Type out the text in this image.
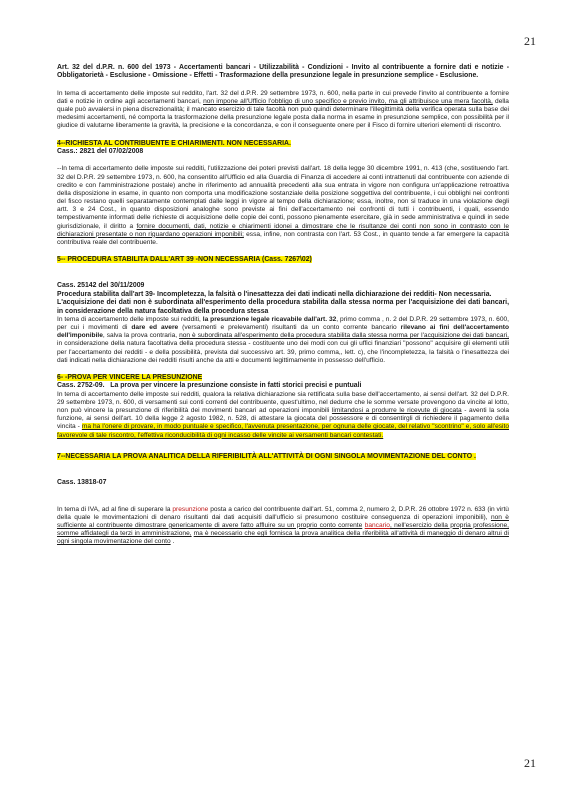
21

Art. 32 del d.P.R. n. 600 del 1973 - Accertamenti bancari - Utilizzabilità - Condizioni - Invito al contribuente a fornire dati e notizie - Obbligatorietà - Esclusione - Omissione - Effetti - Trasformazione della presunzione legale in presunzione semplice - Esclusione.

In tema di accertamento delle imposte sul reddito, l'art. 32 del d.P.R. 29 settembre 1973, n. 600, nella parte in cui prevede l'invito al contribuente a fornire dati e notizie in ordine agli accertamenti bancari, non impone all'Ufficio l'obbligo di uno specifico e previo invito, ma gli attribuisce una mera facoltà, della quale può avvalersi in piena discrezionalità; il mancato esercizio di tale facoltà non può quindi determinare l'illegittimità della verifica operata sulla base dei medesimi accertamenti, né comporta la trasformazione della presunzione legale posta dalla norma in esame in presunzione semplice, con possibilità per il giudice di valutarne liberamente la gravità, la precisione e la concordanza, e con il conseguente onere per il Fisco di fornire ulteriori elementi di riscontro.

4--RICHIESTA AL CONTRIBUENTE E CHIARIMENTI. NON NECESSARIA.

Cass.: 2821 del 07/02/2008

--In tema di accertamento delle imposte sui redditi, l'utilizzazione dei poteri previsti dall'art. 18 della legge 30 dicembre 1991, n. 413 (che, sostituendo l'art. 32 del D.P.R. 29 settembre 1973, n. 600, ha consentito all'Ufficio ed alla Guardia di Finanza di accedere ai conti intrattenuti dal contribuente con aziende di credito e con l'amministrazione postale) anche in riferimento ad annualità precedenti alla sua entrata in vigore non configura un'applicazione retroattiva della disposizione in esame, in quanto non comporta una modificazione sostanziale della posizione soggettiva del contribuente, i cui obblighi nei confronti del fisco restano quelli separatamente contemplati dalle leggi in vigore al tempo della dichiarazione; essa, inoltre, non si traduce in una violazione degli artt. 3 e 24 Cost., in quanto disposizioni analoghe sono previste ai fini dell'accertamento nei confronti di tutti i contribuenti, i quali, essendo tempestivamente informati delle richieste di acquisizione delle copie dei conti, possono pienamente esercitare, già in sede amministrativa e quindi in sede giurisdizionale, il diritto a fornire documenti, dati, notizie e chiarimenti idonei a dimostrare che le risultanze dei conti non sono in contrasto con le dichiarazioni presentate o non riguardano operazioni imponibili; essa, infine, non contrasta con l'art. 53 Cost., in quanto tende a far emergere la capacità contributiva reale del contribuente.

5-- PROCEDURA STABILITA DALL'ART 39 -NON NECESSARIA (Cass. 7267\02)

Cass. 25142 del 30/11/2009

Procedura stabilita dall'art 39- Incompletezza, la falsità o l'inesattezza dei dati indicati nella dichiarazione dei redditi- Non necessaria.

L'acquisizione dei dati non è subordinata all'esperimento della procedura stabilita dalla stessa norma per l'acquisizione dei dati bancari, in considerazione della natura facoltativa della procedura stessa

In tema di accertamento delle imposte sui redditi, la presunzione legale ricavabile dall'art. 32, primo comma , n. 2 del D.P.R. 29 settembre 1973, n. 600, per cui i movimenti di dare ed avere (versamenti e prelevamenti) risultanti da un conto corrente bancario rilevano ai fini dell'accertamento dell'imponibile, salva la prova contraria, non è subordinata all'esperimento della procedura stabilita dalla stessa norma per l'acquisizione dei dati bancari, in considerazione della natura facoltativa della procedura stessa - costituente uno dei modi con cui gli uffici finanziari "possono" acquisire gli elementi utili per l'accertamento dei redditi - e della possibilità, prevista dal successivo art. 39, primo comma,, lett. c), che l'incompletezza, la falsità o l'inesattezza dei dati indicati nella dichiarazione dei redditi risulti anche da atti e documenti legittimamente in possesso dell'ufficio.

6- -PROVA PER VINCERE LA PRESUNZIONE

Cass. 2752-09. La prova per vincere la presunzione consiste in fatti storici precisi e puntuali

In tema di accertamento delle imposte sui redditi, qualora la relativa dichiarazione sia rettificata sulla base dell'accertamento, ai sensi dell'art. 32 del D.P.R. 29 settembre 1973, n. 600, di versamenti sui conti correnti del contribuente, quest'ultimo, nel dedurre che le somme versate provengono da vincite al lotto, non può vincere la presunzione di riferibilità dei movimenti bancari ad operazioni imponibili limitandosi a produrre le ricevute di giocata - aventi la sola funzione, ai sensi dell'art. 10 della legge 2 agosto 1982, n. 528, di attestare la giocata del possessore e di consentirgli di richiedere il pagamento della vincita - ma ha l'onere di provare, in modo puntuale e specifico, l'avvenuta presentazione, per ognuna delle giocate, del relativo "scontrino" e, solo all'esito favorevole di tale riscontro, l'effettiva riconducibilità di ogni incasso delle vincite ai versamenti bancari contestati.

7--NECESSARIA LA PROVA ANALITICA DELLA RIFERIBILITÀ ALL'ATTIVITÀ DI OGNI SINGOLA MOVIMENTAZIONE DEL CONTO .

Cass. 13818-07

In tema di IVA, ad al fine di superare la presunzione posta a carico del contribuente dall'art. 51, comma 2, numero 2, D.P.R. 26 ottobre 1972 n. 633 (in virtù della quale le movimentazioni di denaro risultanti dai dati acquisiti dall'ufficio si presumono costituire conseguenza di operazioni imponibili), non è sufficiente al contribuente dimostrare genericamente di avere fatto affluire su un proprio conto corrente bancario, nell'esercizio della propria professione, somme affidategli da terzi in amministrazione, ma è necessario che egli fornisca la prova analitica della riferibilità all'attività di maneggio di denaro altrui di ogni singola movimentazione del conto .

21
